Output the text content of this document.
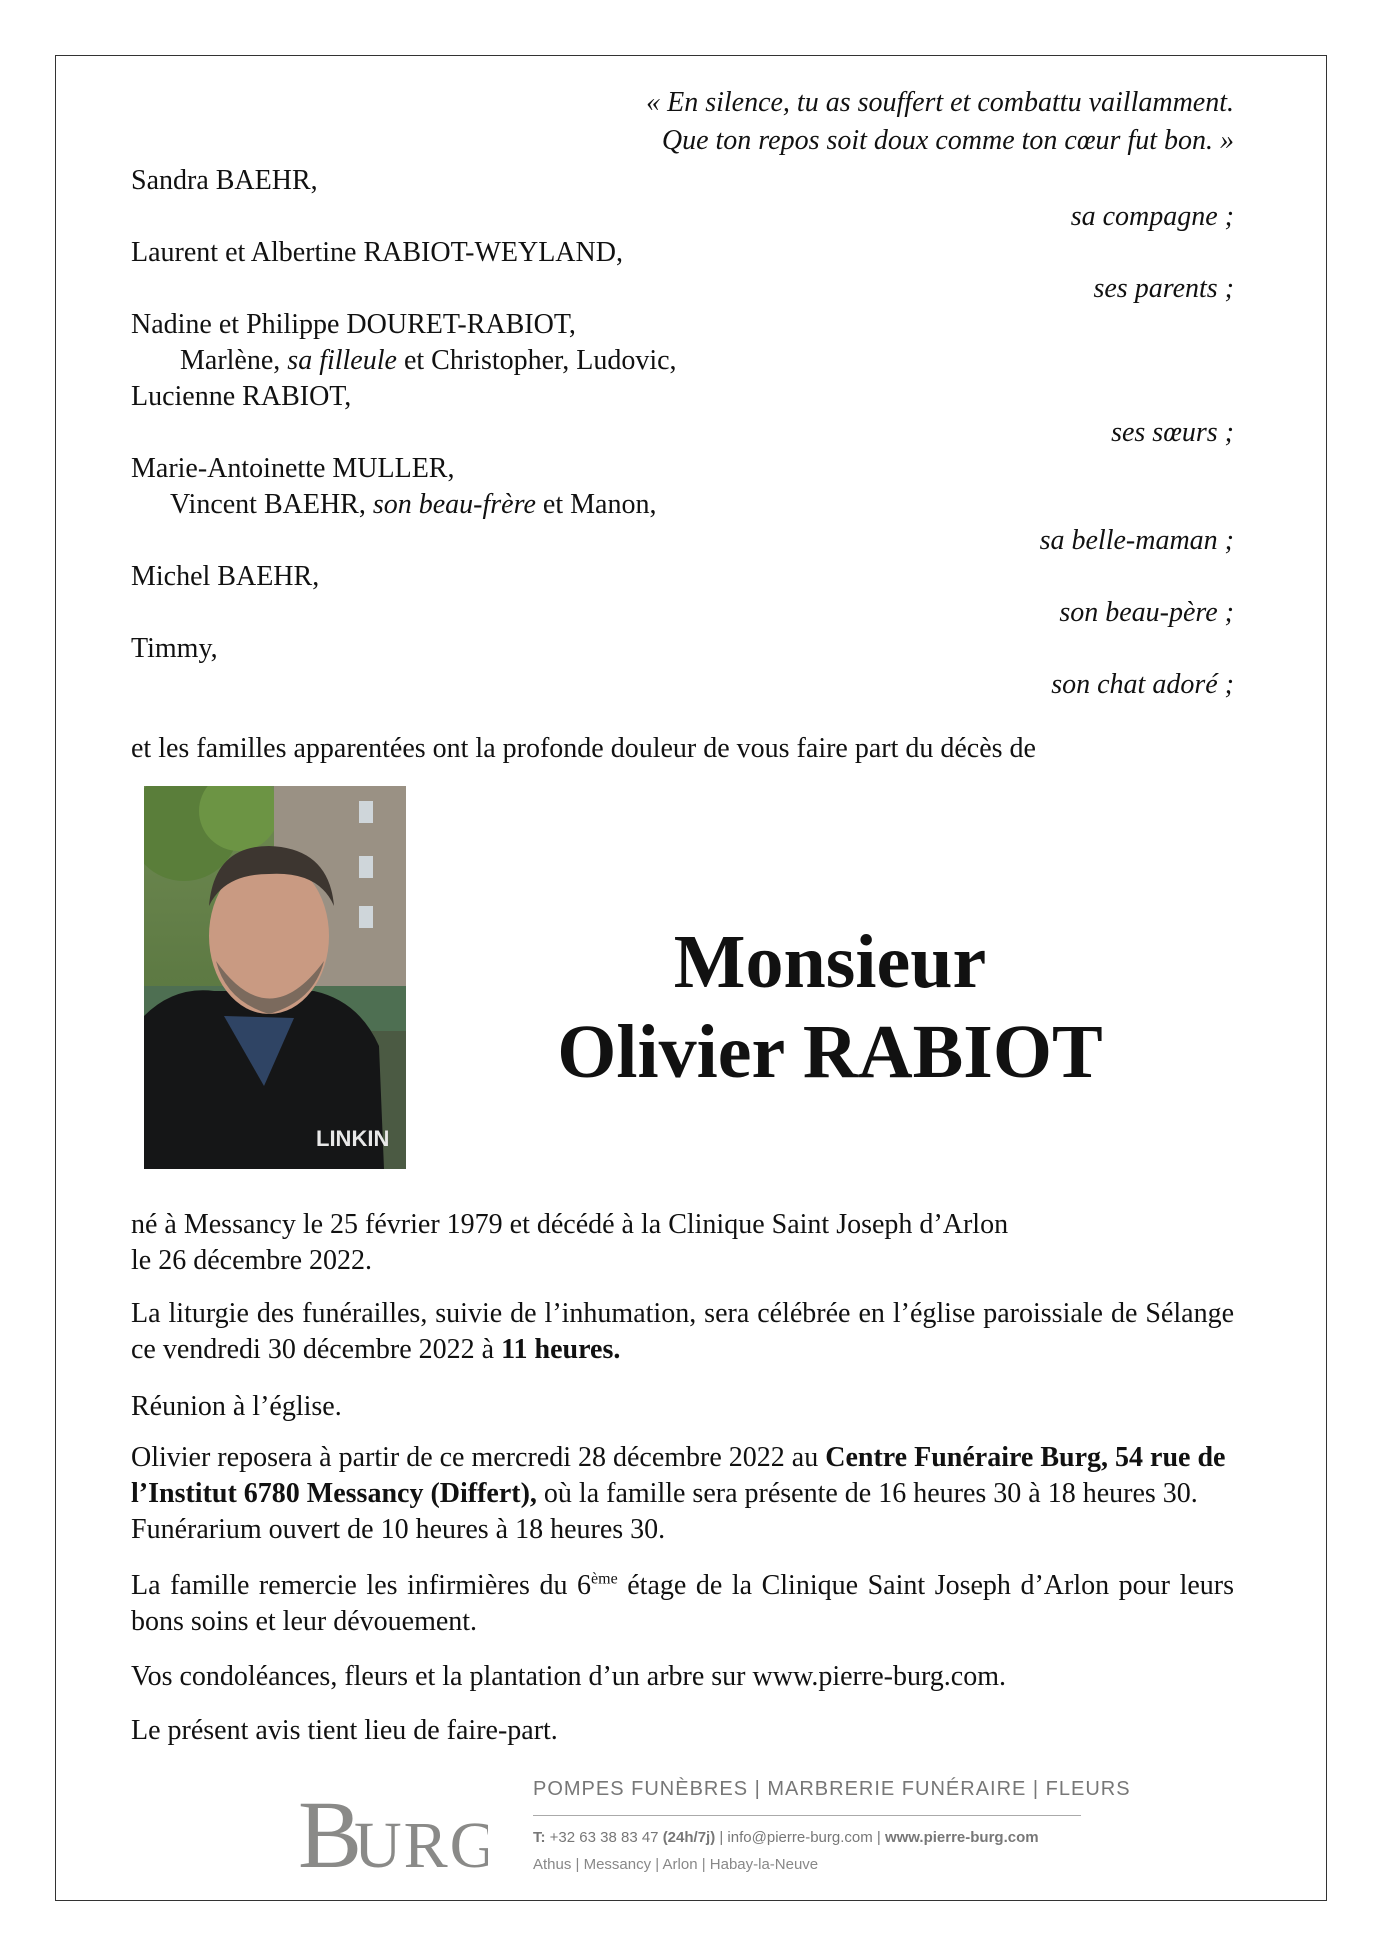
« En silence, tu as souffert et combattu vaillamment.
Que ton repos soit doux comme ton cœur fut bon. »
Sandra BAEHR,
sa compagne ;
Laurent et Albertine RABIOT-WEYLAND,
ses parents ;
Nadine et Philippe DOURET-RABIOT,
Marlène, sa filleule et Christopher, Ludovic,
Lucienne RABIOT,
ses sœurs ;
Marie-Antoinette MULLER,
Vincent BAEHR, son beau-frère et Manon,
sa belle-maman ;
Michel BAEHR,
son beau-père ;
Timmy,
son chat adoré ;
et les familles apparentées ont la profonde douleur de vous faire part du décès de
LINKIN
Monsieur
Olivier RABIOT
né à Messancy le 25 février 1979 et décédé à la Clinique Saint Joseph d’Arlon
le 26 décembre 2022.
La liturgie des funérailles, suivie de l’inhumation, sera célébrée en l’église paroissiale de Sélange ce vendredi 30 décembre 2022 à 11 heures.
Réunion à l’église.
Olivier reposera à partir de ce mercredi 28 décembre 2022 au Centre Funéraire Burg, 54 rue de l’Institut 6780 Messancy (Differt), où la famille sera présente de 16 heures 30 à 18 heures 30. Funérarium ouvert de 10 heures à 18 heures 30.
La famille remercie les infirmières du 6ème étage de la Clinique Saint Joseph d’Arlon pour leurs bons soins et leur dévouement.
Vos condoléances, fleurs et la plantation d’un arbre sur www.pierre-burg.com.
Le présent avis tient lieu de faire-part.
B
URG
POMPES FUNÈBRES | MARBRERIE FUNÉRAIRE | FLEURS
T: +32 63 38 83 47 (24h/7j) | info@pierre-burg.com | www.pierre-burg.com
Athus | Messancy | Arlon | Habay-la-Neuve
